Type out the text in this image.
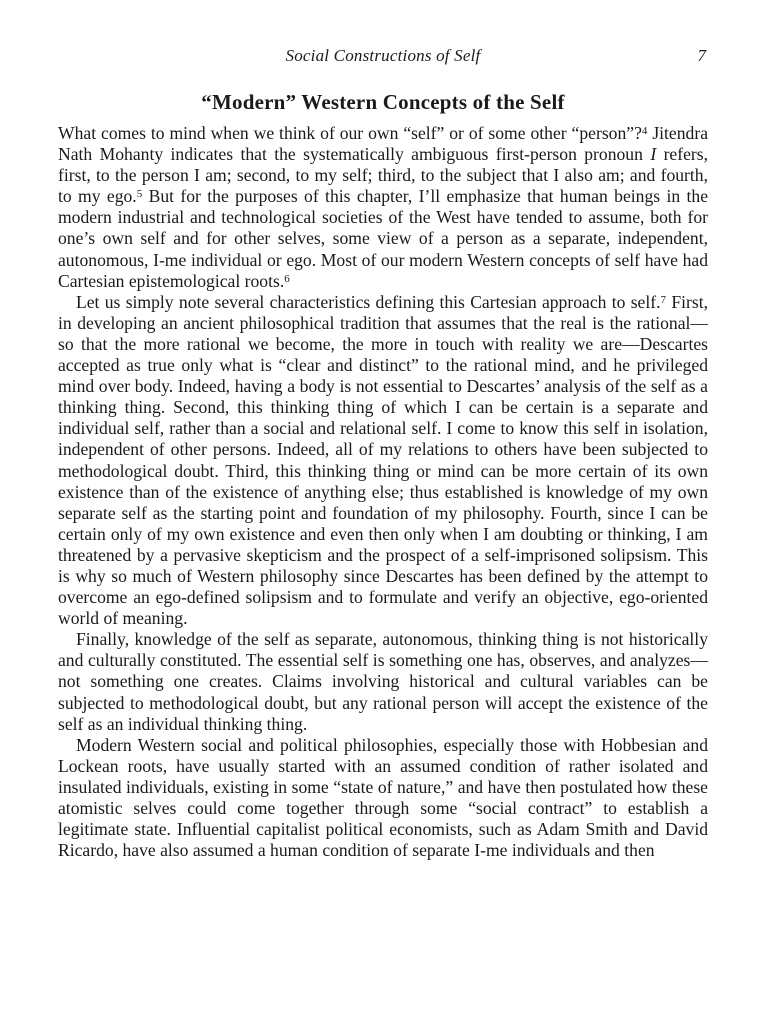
Social Constructions of Self	7
“Modern” Western Concepts of the Self

What comes to mind when we think of our own “self” or of some other “person”?$^4$ Jitendra Nath Mohanty indicates that the systematically ambiguous first-person pronoun I refers, first, to the person I am; second, to my self; third, to the subject that I also am; and fourth, to my ego.$^5$ But for the purposes of this chapter, I’ll emphasize that human beings in the modern industrial and technological societies of the West have tended to assume, both for one’s own self and for other selves, some view of a person as a separate, independent, autonomous, I-me individual or ego. Most of our modern Western concepts of self have had Cartesian epistemological roots.$^6$

Let us simply note several characteristics defining this Cartesian approach to self.$^7$ First, in developing an ancient philosophical tradition that assumes that the real is the rational—so that the more rational we become, the more in touch with reality we are—Descartes accepted as true only what is “clear and distinct” to the rational mind, and he privileged mind over body. Indeed, having a body is not essential to Descartes’ analysis of the self as a thinking thing. Second, this thinking thing of which I can be certain is a separate and individual self, rather than a social and relational self. I come to know this self in isolation, independent of other persons. Indeed, all of my relations to others have been subjected to methodological doubt. Third, this thinking thing or mind can be more certain of its own existence than of the existence of anything else; thus established is knowledge of my own separate self as the starting point and foundation of my philosophy. Fourth, since I can be certain only of my own existence and even then only when I am doubting or thinking, I am threatened by a pervasive skepticism and the prospect of a self-imprisoned solipsism. This is why so much of Western philosophy since Descartes has been defined by the attempt to overcome an ego-defined solipsism and to formulate and verify an objective, ego-oriented world of meaning.

Finally, knowledge of the self as separate, autonomous, thinking thing is not historically and culturally constituted. The essential self is something one has, observes, and analyzes—not something one creates. Claims involving historical and cultural variables can be subjected to methodological doubt, but any rational person will accept the existence of the self as an individual thinking thing.

Modern Western social and political philosophies, especially those with Hobbesian and Lockean roots, have usually started with an assumed condition of rather isolated and insulated individuals, existing in some “state of nature,” and have then postulated how these atomistic selves could come together through some “social contract” to establish a legitimate state. Influential capitalist political economists, such as Adam Smith and David Ricardo, have also assumed a human condition of separate I-me individuals and then
